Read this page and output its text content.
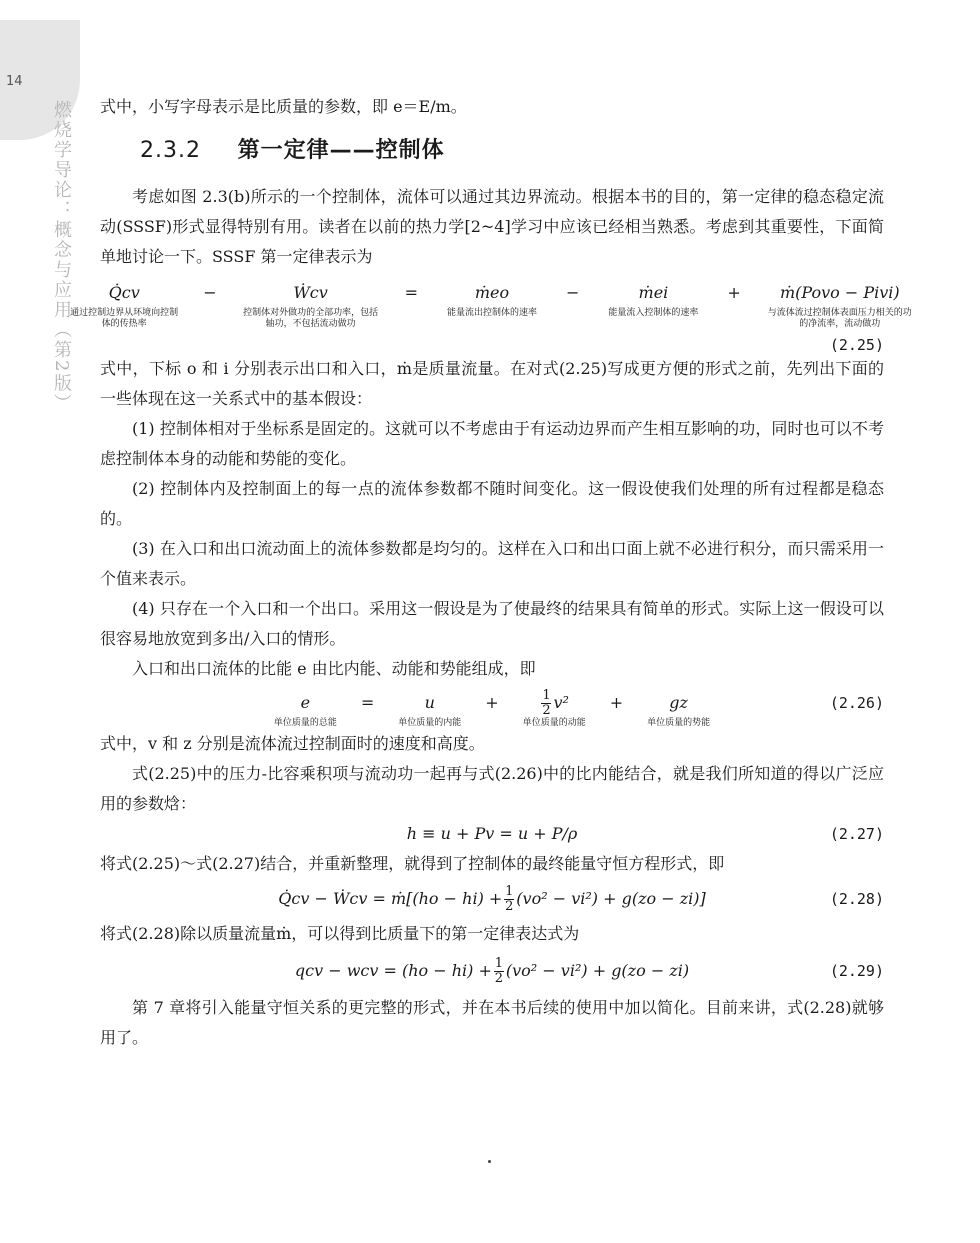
14
燃烧学导论：概念与应用（第2版） 式中，小写字母表示是比质量的参数，即 e＝E/m。

2.3.2 第一定律——控制体

考虑如图 2.3(b)所示的一个控制体，流体可以通过其边界流动。根据本书的目的，第一定律的稳态稳定流动(SSSF)形式显得特别有用。读者在以前的热力学[2~4]学习中应该已经相当熟悉。考虑到其重要性，下面简单地讨论一下。SSSF 第一定律表示为

Q̇cv
通过控制边界从环境向控制体的传热率
−	Ẇcv
控制体对外做功的全部功率，包括轴功，不包括流动做功
=	ṁeo
能量流出控制体的速率
−	ṁei
能量流入控制体的速率
+ ṁ(Povo − Pivi)
与流体流过控制体表面压力相关的功的净流率，流动做功
(2.25)

式中，下标 o 和 i 分别表示出口和入口，ṁ是质量流量。在对式(2.25)写成更方便的形式之前，先列出下面的一些体现在这一关系式中的基本假设：

(1) 控制体相对于坐标系是固定的。这就可以不考虑由于有运动边界而产生相互影响的功，同时也可以不考虑控制体本身的动能和势能的变化。

(2) 控制体内及控制面上的每一点的流体参数都不随时间变化。这一假设使我们处理的所有过程都是稳态的。

(3) 在入口和出口流动面上的流体参数都是均匀的。这样在入口和出口面上就不必进行积分，而只需采用一个值来表示。

(4) 只存在一个入口和一个出口。采用这一假设是为了使最终的结果具有简单的形式。实际上这一假设可以很容易地放宽到多出/入口的情形。

入口和出口流体的比能 e 由比内能、动能和势能组成，即

e
单位质量的总能
=	u
单位质量的内能
+	$\frac{1}{2} v^2$
单位质量的动能
+	gz
单位质量的势能
(2.26)

式中，v 和 z 分别是流体流过控制面时的速度和高度。

式(2.25)中的压力-比容乘积项与流动功一起再与式(2.26)中的比内能结合，就是我们所知道的得以广泛应用的参数焓：

h ≡ u + Pv = u + P/ρ	(2.27)

将式(2.25)～式(2.27)结合，并重新整理，就得到了控制体的最终能量守恒方程形式，即

Q̇cv − Ẇcv = ṁ[(ho − $hi) + \frac{1}{2} (vo^2 - vi^2) + g(zo - zi)$]	(2.28)

将式(2.28)除以质量流量ṁ，可以得到比质量下的第一定律表达式为

qcv − wcv = $(ho - hi) + \frac{1}{2} (vo^2 - vi^2) + g(zo - zi)$	(2.29)

第 7 章将引入能量守恒关系的更完整的形式，并在本书后续的使用中加以简化。目前来讲，式(2.28)就够用了。
